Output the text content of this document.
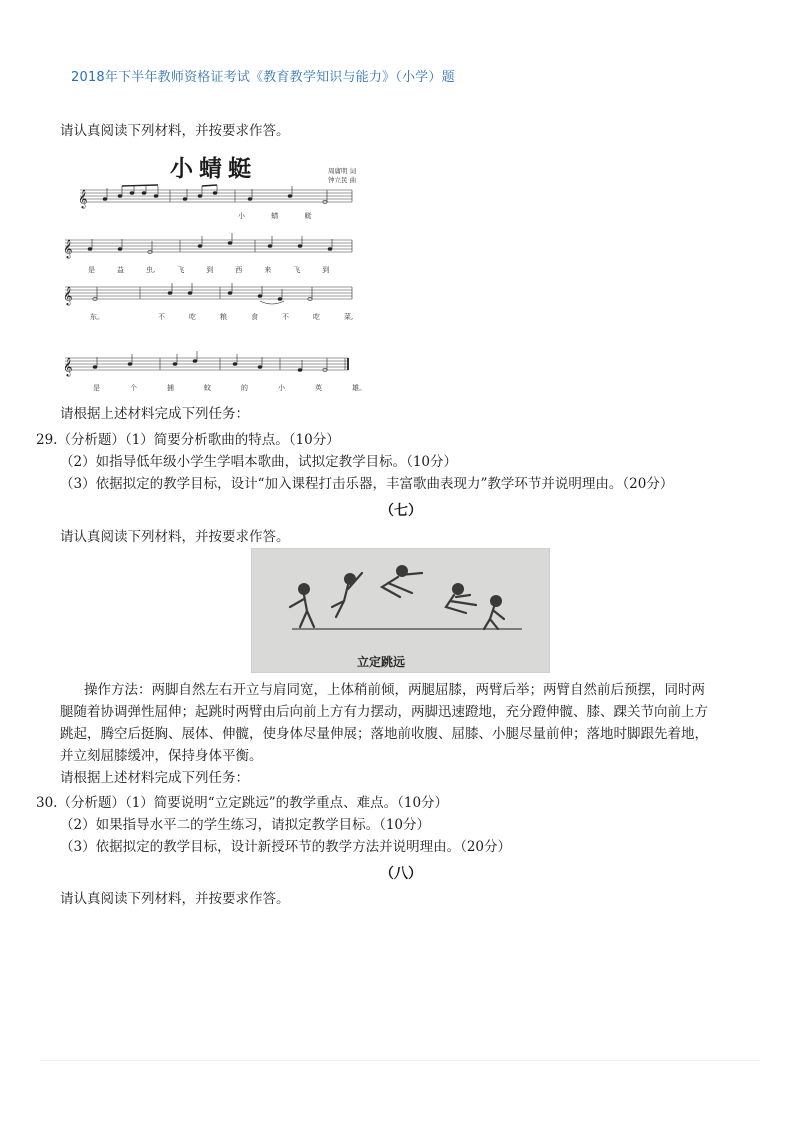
2018年下半年教师资格证考试《教育教学知识与能力》（小学）题
请认真阅读下列材料，并按要求作答。
小蜻蜓	周庸明 词
钟立民 曲
𝄞
𝄞
𝄞
𝄞
小	蜻	蜓
是	益	虫,	飞	到	西	来	飞	到
东。	不	吃	粮	食	不	吃	菜,
是	个	捕	蚊	的	小	英	雄。
请根据上述材料完成下列任务：
29.（分析题）（1）简要分析歌曲的特点。（10分）
（2）如指导低年级小学生学唱本歌曲，试拟定教学目标。（10分）
（3）依据拟定的教学目标，设计“加入课程打击乐器，丰富歌曲表现力”教学环节并说明理由。（20分）
（七）
请认真阅读下列材料，并按要求作答。
立定跳远
操作方法：两脚自然左右开立与肩同宽，上体稍前倾，两腿屈膝，两臂后举；两臂自然前后预摆，同时两
腿随着协调弹性屈伸；起跳时两臂由后向前上方有力摆动，两脚迅速蹬地，充分蹬伸髋、膝、踝关节向前上方
跳起，腾空后挺胸、展体、伸髋，使身体尽量伸展；落地前收腹、屈膝、小腿尽量前伸；落地时脚跟先着地，
并立刻屈膝缓冲，保持身体平衡。
请根据上述材料完成下列任务：
30.（分析题）（1）简要说明“立定跳远”的教学重点、难点。（10分）
（2）如果指导水平二的学生练习，请拟定教学目标。（10分）
（3）依据拟定的教学目标，设计新授环节的教学方法并说明理由。（20分）
（八）
请认真阅读下列材料，并按要求作答。
